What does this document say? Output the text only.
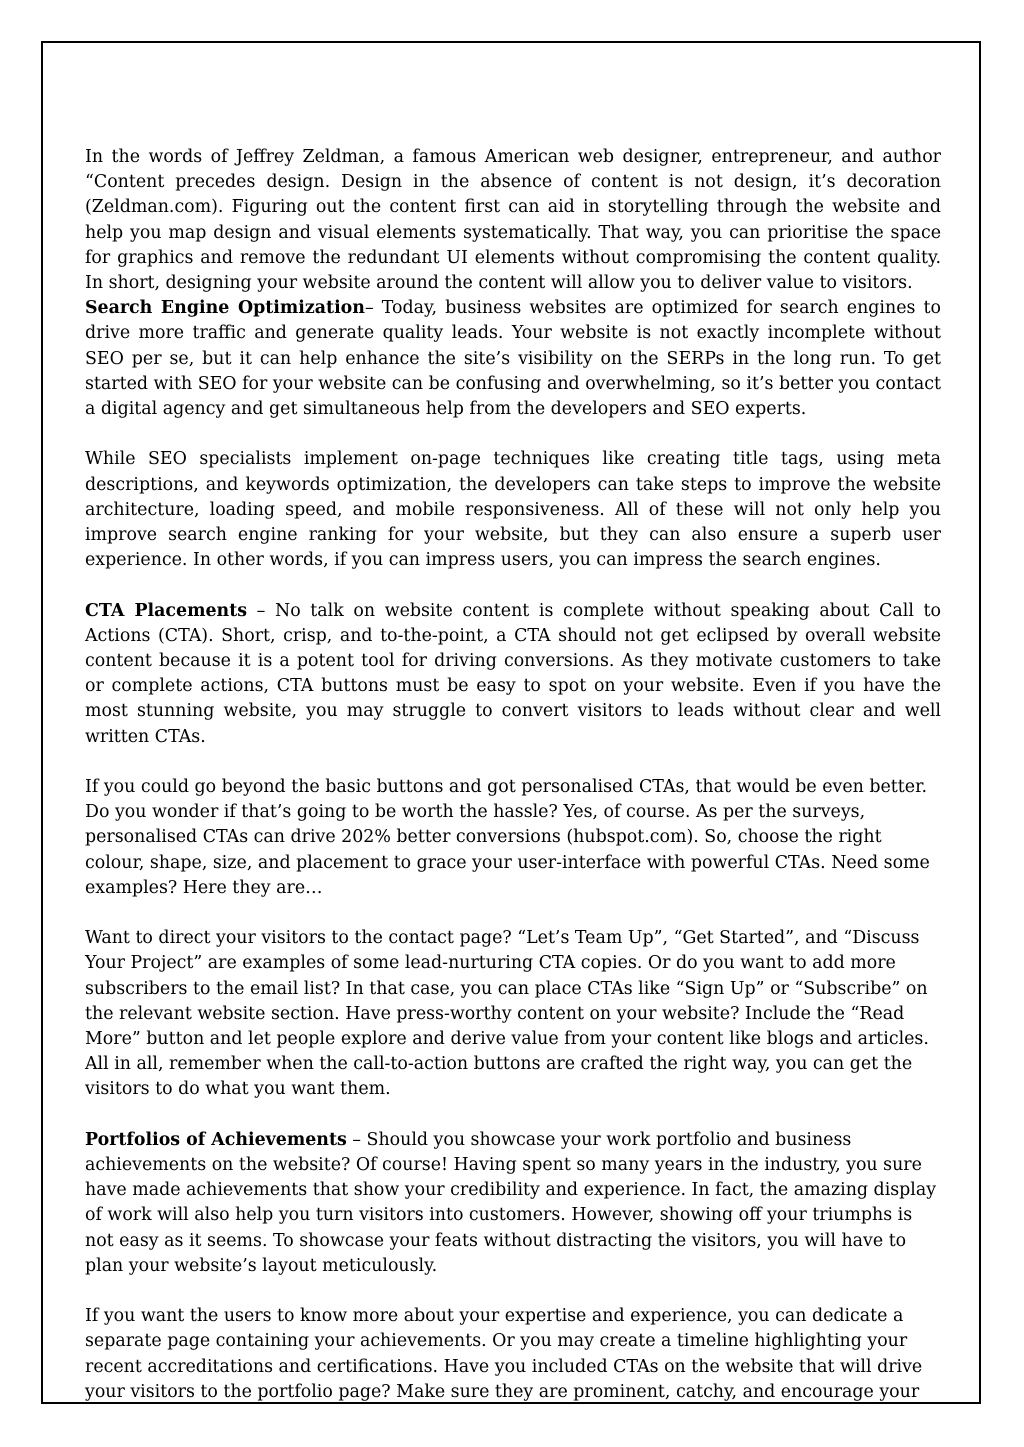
In the words of Jeffrey Zeldman, a famous American web designer, entrepreneur, and author “Content precedes design. Design in the absence of content is not design, it’s decoration (Zeldman.com). Figuring out the content first can aid in storytelling through the website and help you map design and visual elements systematically. That way, you can prioritise the space for graphics and remove the redundant UI elements without compromising the content quality. In short, designing your website around the content will allow you to deliver value to visitors.

Search Engine Optimization– Today, business websites are optimized for search engines to drive more traffic and generate quality leads. Your website is not exactly incomplete without SEO per se, but it can help enhance the site’s visibility on the SERPs in the long run. To get started with SEO for your website can be confusing and overwhelming, so it’s better you contact a digital agency and get simultaneous help from the developers and SEO experts.

While SEO specialists implement on-page techniques like creating title tags, using meta descriptions, and keywords optimization, the developers can take steps to improve the website architecture, loading speed, and mobile responsiveness. All of these will not only help you improve search engine ranking for your website, but they can also ensure a superb user experience. In other words, if you can impress users, you can impress the search engines.

CTA Placements – No talk on website content is complete without speaking about Call to Actions (CTA). Short, crisp, and to-the-point, a CTA should not get eclipsed by overall website content because it is a potent tool for driving conversions. As they motivate customers to take or complete actions, CTA buttons must be easy to spot on your website. Even if you have the most stunning website, you may struggle to convert visitors to leads without clear and well written CTAs.

If you could go beyond the basic buttons and got personalised CTAs, that would be even better. Do you wonder if that’s going to be worth the hassle? Yes, of course. As per the surveys, personalised CTAs can drive 202% better conversions (hubspot.com). So, choose the right colour, shape, size, and placement to grace your user-interface with powerful CTAs. Need some examples? Here they are…

Want to direct your visitors to the contact page? “Let’s Team Up”, “Get Started”, and “Discuss Your Project” are examples of some lead-nurturing CTA copies. Or do you want to add more subscribers to the email list? In that case, you can place CTAs like “Sign Up” or “Subscribe” on the relevant website section. Have press-worthy content on your website? Include the “Read More” button and let people explore and derive value from your content like blogs and articles. All in all, remember when the call-to-action buttons are crafted the right way, you can get the visitors to do what you want them.

Portfolios of Achievements – Should you showcase your work portfolio and business achievements on the website? Of course! Having spent so many years in the industry, you sure have made achievements that show your credibility and experience. In fact, the amazing display of work will also help you turn visitors into customers. However, showing off your triumphs is not easy as it seems. To showcase your feats without distracting the visitors, you will have to plan your website’s layout meticulously.

If you want the users to know more about your expertise and experience, you can dedicate a separate page containing your achievements. Or you may create a timeline highlighting your recent accreditations and certifications. Have you included CTAs on the website that will drive your visitors to the portfolio page? Make sure they are prominent, catchy, and encourage your
